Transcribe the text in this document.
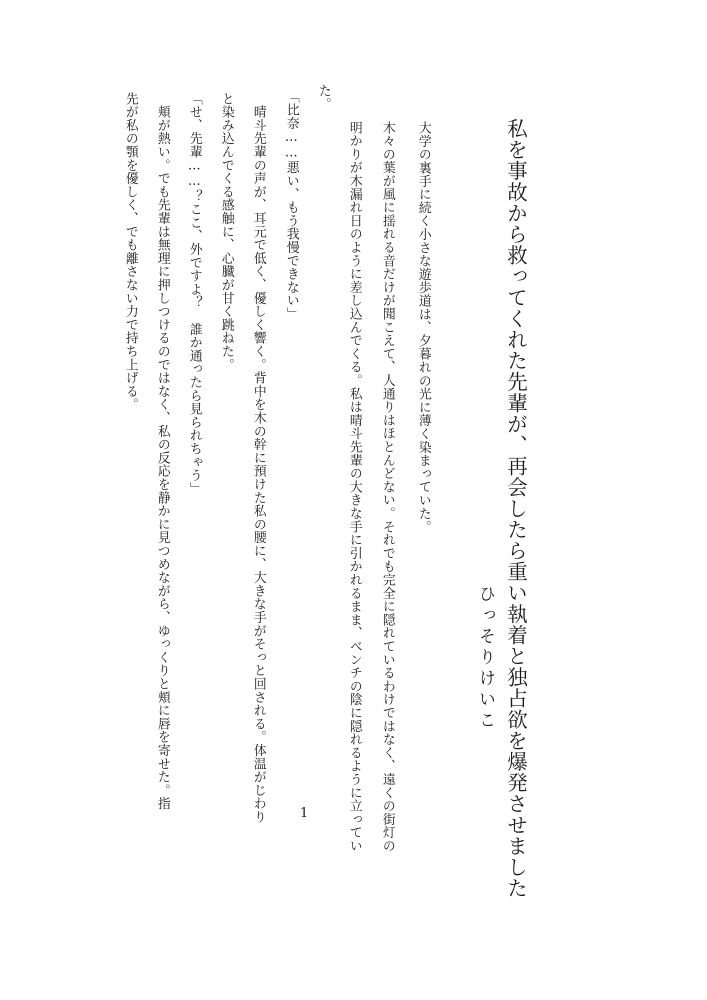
私を事故から救ってくれた先輩が、再会したら重い執着と独占欲を爆発させました
ひっそりけいこ
　大学の裏手に続く小さな遊歩道は、夕暮れの光に薄く染まっていた。
木々の葉が風に揺れる音だけが聞こえて、人通りはほとんどない。それでも完全に隠れているわけではなく、遠くの街灯の
明かりが木漏れ日のように差し込んでくる。私は晴斗先輩の大きな手に引かれるまま、ベンチの陰に隠れるように立ってい
た。
「比奈……悪い、もう我慢できない」
　晴斗先輩の声が、耳元で低く、優しく響く。背中を木の幹に預けた私の腰に、大きな手がそっと回される。体温がじわり
と染み込んでくる感触に、心臓が甘く跳ねた。
「せ、先輩……？ここ、外ですよ？　誰か通ったら見られちゃう」
　頬が熱い。でも先輩は無理に押しつけるのではなく、私の反応を静かに見つめながら、ゆっくりと頬に唇を寄せた。指
先が私の顎を優しく、でも離さない力で持ち上げる。
1
